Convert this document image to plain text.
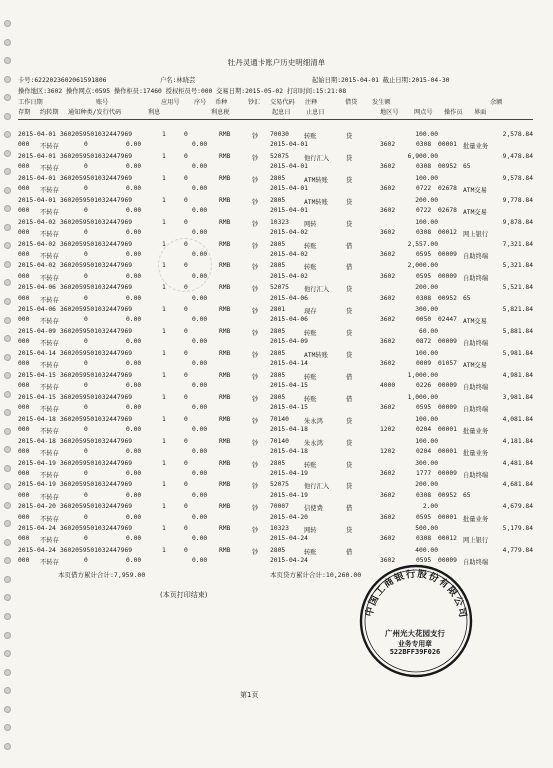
牡丹灵通卡账户历史明细清单
卡号:6222023602061591806	户名:林晓芸	起始日期:2015-04-01 截止日期:2015-04-30
操作地区:3602 操作网点:0595 操作柜员:17460 授权柜员号:000 交易日期:2015-05-02 打印时间:15:21:08
工作日期	账号	应用号 序号 币种	钞汇 交易代码 注释	借贷 发生额	余额
存期 约转期 通知种类/发行代码	利息	利息税	起息日 止息日	地区号 网点号 操作员 界面
2015-04-01 3602059501032447969	1	0	RMB	钞 70030 转账	贷	100.00	2,578.84
000 不转存	0	0.00	0.00	2015-04-01	3602	0308 00001 批量业务
2015-04-01 3602059501032447969	1	0	RMB	钞 52075 他行汇入	贷	6,900.00	9,478.84
000 不转存	0	0.00	0.00	2015-04-01	3602	0308 00952 65
2015-04-01 3602059501032447969	1	0	RMB	钞 2805	ATM转账	贷	100.00	9,578.84
000 不转存	0	0.00	0.00	2015-04-01	3602	0722 02678 ATM交易
2015-04-01 3602059501032447969	1	0	RMB	钞 2805	ATM转账	贷	200.00	9,778.84
000 不转存	0	0.00	0.00	2015-04-01	3602	0722 02678 ATM交易
2015-04-02 3602059501032447969	1	0	RMB	钞 10323 网转	贷	100.00	9,878.84
000 不转存	0	0.00	0.00	2015-04-02	3602	0308 00012 网上银行
2015-04-02 3602059501032447969	1	0	RMB	钞 2805	转账	借	2,557.00	7,321.84
000 不转存	0	0.00	0.00	2015-04-02	3602	0595 00009 自助终端
2015-04-02 3602059501032447969	1	0	RMB	钞 2805	转账	借	2,000.00	5,321.84
000 不转存	0	0.00	0.00	2015-04-02	3602	0595 00009 自助终端
2015-04-06 3602059501032447969	1	0	RMB	钞 52075 他行汇入	贷	200.00	5,521.84
000 不转存	0	0.00	0.00	2015-04-06	3602	0308 00952 65
2015-04-06 3602059501032447969	1	0	RMB	钞 2801	现存	贷	300.00	5,821.84
000 不转存	0	0.00	0.00	2015-04-06	3602	0050 02447 ATM交易
2015-04-09 3602059501032447969	1	0	RMB	钞 2805	转账	贷	60.00	5,881.84
000 不转存	0	0.00	0.00	2015-04-09	3602	0872 00009 自助终端
2015-04-14 3602059501032447969	1	0	RMB	钞 2805	ATM转账	贷	100.00	5,981.84
000 不转存	0	0.00	0.00	2015-04-14	3602	0009 01057 ATM交易
2015-04-15 3602059501032447969	1	0	RMB	钞 2805	转账	借	1,000.00	4,981.84
000 不转存	0	0.00	0.00	2015-04-15	4000	0226 00009 自助终端
2015-04-15 3602059501032447969	1	0	RMB	钞 2805	转账	借	1,000.00	3,981.84
000 不转存	0	0.00	0.00	2015-04-15	3602	0595 00009 自助终端
2015-04-18 3602059501032447969	1	0	RMB	钞 70140 朱永鸿	贷	100.00	4,081.84
000 不转存	0	0.00	0.00	2015-04-18	1202	0204 00001 批量业务
2015-04-18 3602059501032447969	1	0	RMB	钞 70140 朱永鸿	贷	100.00	4,181.84
000 不转存	0	0.00	0.00	2015-04-18	1202	0204 00001 批量业务
2015-04-19 3602059501032447969	1	0	RMB	钞 2805	转账	贷	300.00	4,481.84
000 不转存	0	0.00	0.00	2015-04-19	3602	1777 00009 自助终端
2015-04-19 3602059501032447969	1	0	RMB	钞 52075 他行汇入	贷	200.00	4,681.84
000 不转存	0	0.00	0.00	2015-04-19	3602	0308 00952 65
2015-04-20 3602059501032447969	1	0	RMB	钞 70007 信使费	借	2.00	4,679.84
000 不转存	0	0.00	0.00	2015-04-20	3602	0595 00001 批量业务
2015-04-24 3602059501032447969	1	0	RMB	钞 10323 网转	贷	500.00	5,179.84
000 不转存	0	0.00	0.00	2015-04-24	3602	0308 00012 网上银行
2015-04-24 3602059501032447969	1	0	RMB	钞 2805	转账	借	400.00	4,779.84
000 不转存	0	0.00	0.00	2015-04-24	3602	0595 00009 自助终端
本页借方累计合计:7,959.00	本页贷方累计合计:10,260.00
(本页打印结束)
中国工商银行股份有限公司
广州光大花园支行
业务专用章
522BFF39F026
第1页
